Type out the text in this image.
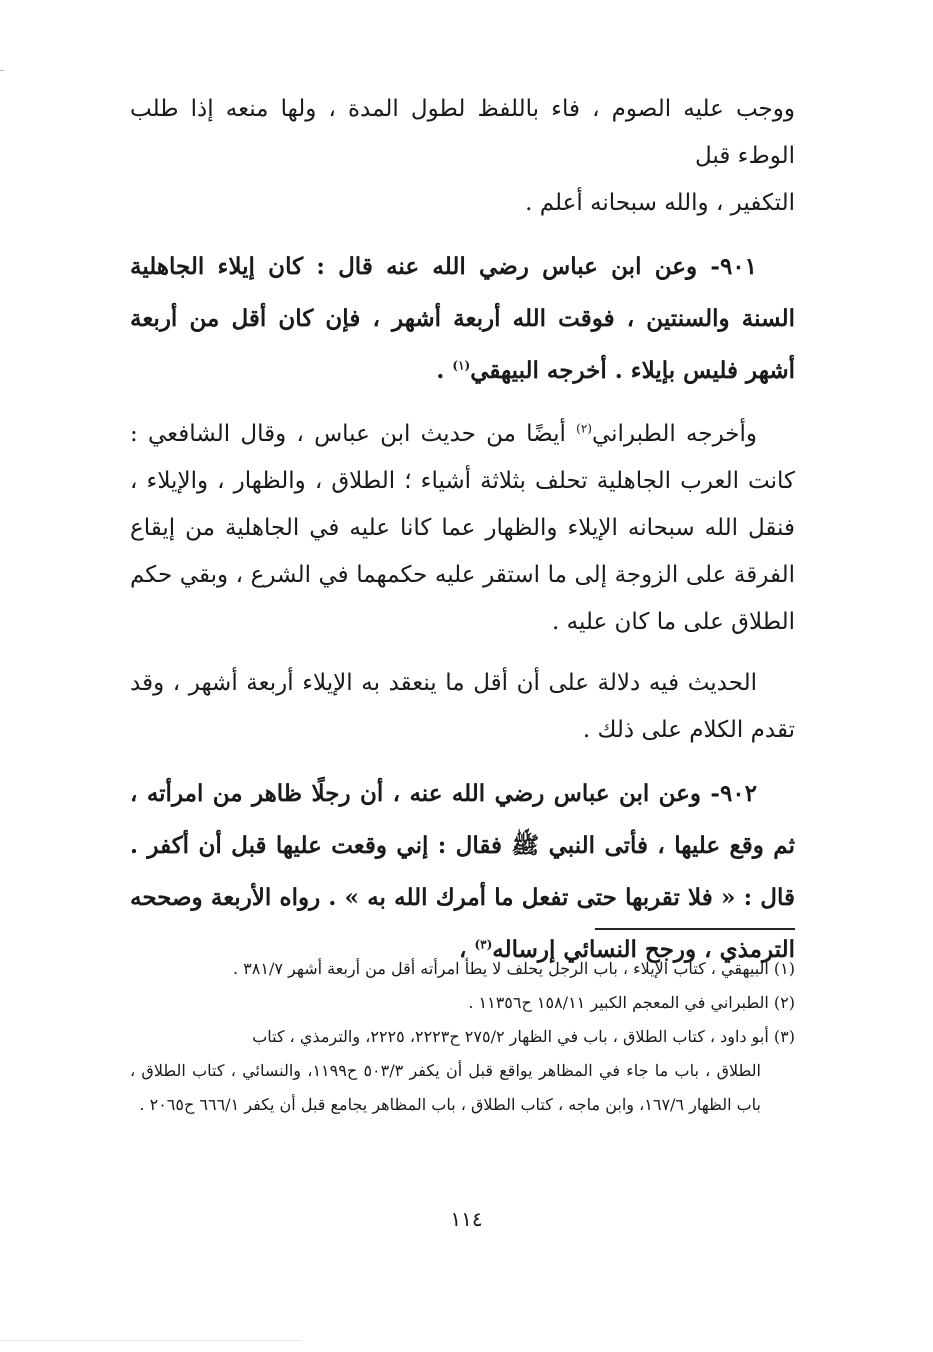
ووجب عليه الصوم ، فاء باللفظ لطول المدة ، ولها منعه إذا طلب الوطء قبل
التكفير ، والله سبحانه أعلم .

٩٠١- وعن ابن عباس رضي الله عنه قال : كان إيلاء الجاهلية السنة والسنتين ، فوقت الله أربعة أشهر ، فإن كان أقل من أربعة أشهر فليس بإيلاء . أخرجه البيهقي$^{(١)}$ .

وأخرجه الطبراني$^{(٢)}$ أيضًا من حديث ابن عباس ، وقال الشافعي : كانت العرب الجاهلية تحلف بثلاثة أشياء ؛ الطلاق ، والظهار ، والإيلاء ، فنقل الله سبحانه الإيلاء والظهار عما كانا عليه في الجاهلية من إيقاع الفرقة على الزوجة إلى ما استقر عليه حكمهما في الشرع ، وبقي حكم الطلاق على ما كان عليه .

الحديث فيه دلالة على أن أقل ما ينعقد به الإيلاء أربعة أشهر ، وقد تقدم الكلام على ذلك .

٩٠٢- وعن ابن عباس رضي الله عنه ، أن رجلًا ظاهر من امرأته ، ثم وقع عليها ، فأتى النبي ﷺ فقال : إني وقعت عليها قبل أن أكفر . قال : « فلا تقربها حتى تفعل ما أمرك الله به » . رواه الأربعة وصححه الترمذي ، ورجح النسائي إرساله$^{(٣)}$ ،

(١) البيهقي ، كتاب الإيلاء ، باب الرجل يحلف لا يطأ امرأته أقل من أربعة أشهر ٣٨١/٧ .

(٢) الطبراني في المعجم الكبير ١٥٨/١١ ح١١٣٥٦ .

(٣) أبو داود ، كتاب الطلاق ، باب في الظهار ٢٧٥/٢ ح٢٢٢٣، ٢٢٢٥، والترمذي ، كتاب
الطلاق ، باب ما جاء في المظاهر يواقع قبل أن يكفر ٥٠٣/٣ ح١١٩٩، والنسائي ، كتاب الطلاق ، باب الظهار ١٦٧/٦، وابن ماجه ، كتاب الطلاق ، باب المظاهر يجامع قبل أن يكفر ٦٦٦/١ ح٢٠٦٥ .

١١٤
